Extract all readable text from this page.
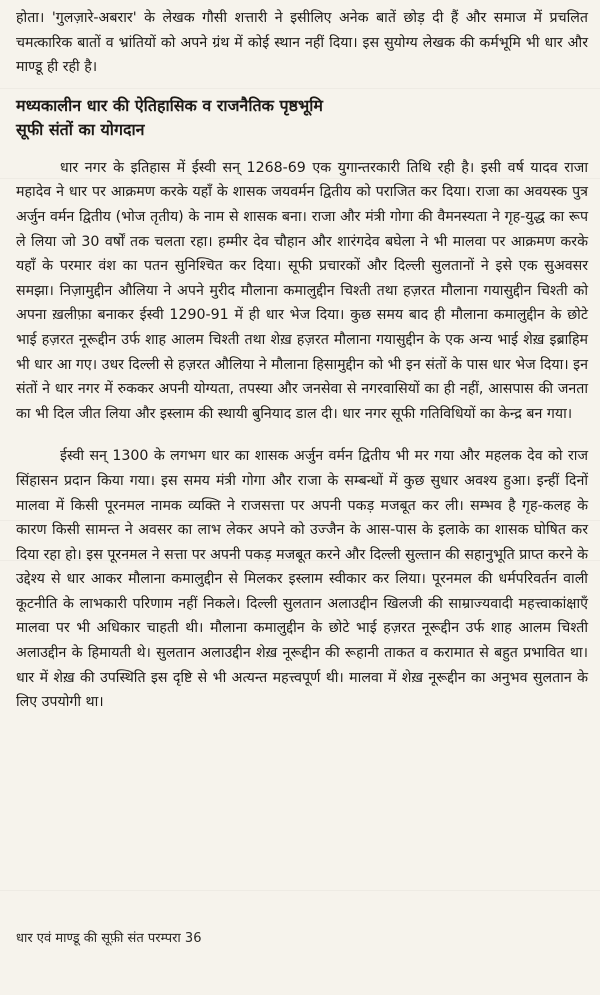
होता। 'गुलज़ारे-अबरार' के लेखक गौसी शत्तारी ने इसीलिए अनेक बातें छोड़ दी हैं और समाज में प्रचलित चमत्कारिक बातों व भ्रांतियों को अपने ग्रंथ में कोई स्थान नहीं दिया। इस सुयोग्य लेखक की कर्मभूमि भी धार और माण्डू ही रही है।

मध्यकालीन धार की ऐतिहासिक व राजनैतिक पृष्ठभूमि
सूफी संतों का योगदान

धार नगर के इतिहास में ईस्वी सन् 1268-69 एक युगान्तरकारी तिथि रही है। इसी वर्ष यादव राजा महादेव ने धार पर आक्रमण करके यहाँ के शासक जयवर्मन द्वितीय को पराजित कर दिया। राजा का अवयस्क पुत्र अर्जुन वर्मन द्वितीय (भोज तृतीय) के नाम से शासक बना। राजा और मंत्री गोगा की वैमनस्यता ने गृह-युद्ध का रूप ले लिया जो 30 वर्षों तक चलता रहा। हम्मीर देव चौहान और शारंगदेव बघेला ने भी मालवा पर आक्रमण करके यहाँ के परमार वंश का पतन सुनिश्चित कर दिया। सूफी प्रचारकों और दिल्ली सुलतानों ने इसे एक सुअवसर समझा। निज़ामुद्दीन औलिया ने अपने मुरीद मौलाना कमालुद्दीन चिश्ती तथा हज़रत मौलाना गयासुद्दीन चिश्ती को अपना ख़लीफ़ा बनाकर ईस्वी 1290-91 में ही धार भेज दिया। कुछ समय बाद ही मौलाना कमालुद्दीन के छोटे भाई हज़रत नूरूद्दीन उर्फ शाह आलम चिश्ती तथा शेख़ हज़रत मौलाना गयासुद्दीन के एक अन्य भाई शेख़ इब्राहिम भी धार आ गए। उधर दिल्ली से हज़रत औलिया ने मौलाना हिसामुद्दीन को भी इन संतों के पास धार भेज दिया। इन संतों ने धार नगर में रुककर अपनी योग्यता, तपस्या और जनसेवा से नगरवासियों का ही नहीं, आसपास की जनता का भी दिल जीत लिया और इस्लाम की स्थायी बुनियाद डाल दी। धार नगर सूफी गतिविधियों का केन्द्र बन गया।

ईस्वी सन् 1300 के लगभग धार का शासक अर्जुन वर्मन द्वितीय भी मर गया और महलक देव को राज सिंहासन प्रदान किया गया। इस समय मंत्री गोगा और राजा के सम्बन्धों में कुछ सुधार अवश्य हुआ। इन्हीं दिनों मालवा में किसी पूरनमल नामक व्यक्ति ने राजसत्ता पर अपनी पकड़ मजबूत कर ली। सम्भव है गृह-कलह के कारण किसी सामन्त ने अवसर का लाभ लेकर अपने को उज्जैन के आस-पास के इलाके का शासक घोषित कर दिया रहा हो। इस पूरनमल ने सत्ता पर अपनी पकड़ मजबूत करने और दिल्ली सुल्तान की सहानुभूति प्राप्त करने के उद्देश्य से धार आकर मौलाना कमालुद्दीन से मिलकर इस्लाम स्वीकार कर लिया। पूरनमल की धर्मपरिवर्तन वाली कूटनीति के लाभकारी परिणाम नहीं निकले। दिल्ली सुलतान अलाउद्दीन खिलजी की साम्राज्यवादी महत्त्वाकांक्षाएँ मालवा पर भी अधिकार चाहती थी। मौलाना कमालुद्दीन के छोटे भाई हज़रत नूरूद्दीन उर्फ शाह आलम चिश्ती अलाउद्दीन के हिमायती थे। सुलतान अलाउद्दीन शेख़ नूरूद्दीन की रूहानी ताकत व करामात से बहुत प्रभावित था। धार में शेख़ की उपस्थिति इस दृष्टि से भी अत्यन्त महत्त्वपूर्ण थी। मालवा में शेख़ नूरूद्दीन का अनुभव सुलतान के लिए उपयोगी था।

धार एवं माण्डू की सूफ़ी संत परम्परा 36
